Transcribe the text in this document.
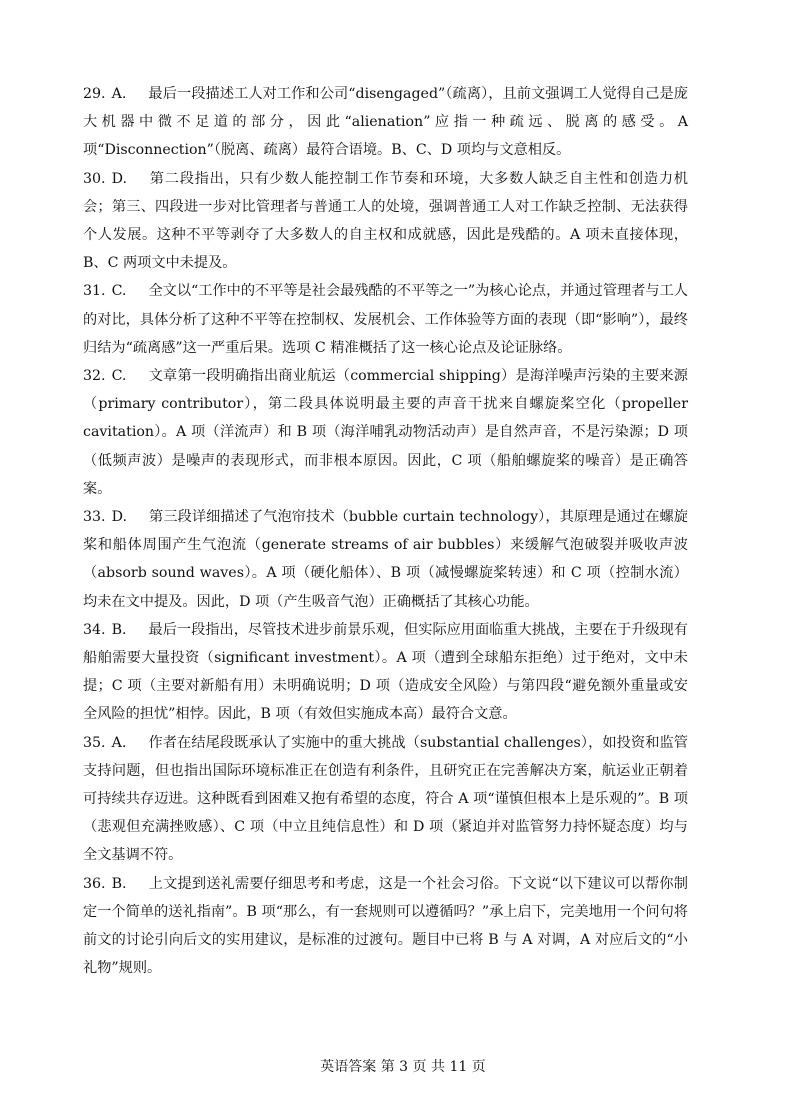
29. A. 最后一段描述工人对工作和公司“disengaged”（疏离），且前文强调工人觉得自己是庞大机器中微不足道的部分，因此“alienation”应指一种疏远、脱离的感受。A 项“Disconnection”（脱离、疏离）最符合语境。B、C、D 项均与文意相反。

30. D. 第二段指出，只有少数人能控制工作节奏和环境，大多数人缺乏自主性和创造力机会；第三、四段进一步对比管理者与普通工人的处境，强调普通工人对工作缺乏控制、无法获得个人发展。这种不平等剥夺了大多数人的自主权和成就感，因此是残酷的。A 项未直接体现，B、C 两项文中未提及。

31. C. 全文以“工作中的不平等是社会最残酷的不平等之一”为核心论点，并通过管理者与工人的对比，具体分析了这种不平等在控制权、发展机会、工作体验等方面的表现（即“影响”），最终归结为“疏离感”这一严重后果。选项 C 精准概括了这一核心论点及论证脉络。

32. C. 文章第一段明确指出商业航运（commercial shipping）是海洋噪声污染的主要来源（primary contributor），第二段具体说明最主要的声音干扰来自螺旋桨空化（propeller cavitation）。A 项（洋流声）和 B 项（海洋哺乳动物活动声）是自然声音，不是污染源；D 项（低频声波）是噪声的表现形式，而非根本原因。因此，C 项（船舶螺旋桨的噪音）是正确答案。

33. D. 第三段详细描述了气泡帘技术（bubble curtain technology），其原理是通过在螺旋桨和船体周围产生气泡流（generate streams of air bubbles）来缓解气泡破裂并吸收声波（absorb sound waves）。A 项（硬化船体）、B 项（减慢螺旋桨转速）和 C 项（控制水流）均未在文中提及。因此，D 项（产生吸音气泡）正确概括了其核心功能。

34. B. 最后一段指出，尽管技术进步前景乐观，但实际应用面临重大挑战，主要在于升级现有船舶需要大量投资（significant investment）。A 项（遭到全球船东拒绝）过于绝对，文中未提；C 项（主要对新船有用）未明确说明；D 项（造成安全风险）与第四段“避免额外重量或安全风险的担忧”相悖。因此，B 项（有效但实施成本高）最符合文意。

35. A. 作者在结尾段既承认了实施中的重大挑战（substantial challenges），如投资和监管支持问题，但也指出国际环境标准正在创造有利条件，且研究正在完善解决方案，航运业正朝着可持续共存迈进。这种既看到困难又抱有希望的态度，符合 A 项“谨慎但根本上是乐观的”。B 项（悲观但充满挫败感）、C 项（中立且纯信息性）和 D 项（紧迫并对监管努力持怀疑态度）均与全文基调不符。

36. B. 上文提到送礼需要仔细思考和考虑，这是一个社会习俗。下文说“以下建议可以帮你制定一个简单的送礼指南”。B 项“那么，有一套规则可以遵循吗？”承上启下，完美地用一个问句将前文的讨论引向后文的实用建议，是标准的过渡句。题目中已将 B 与 A 对调，A 对应后文的“小礼物”规则。

英语答案 第 3 页 共 11 页
